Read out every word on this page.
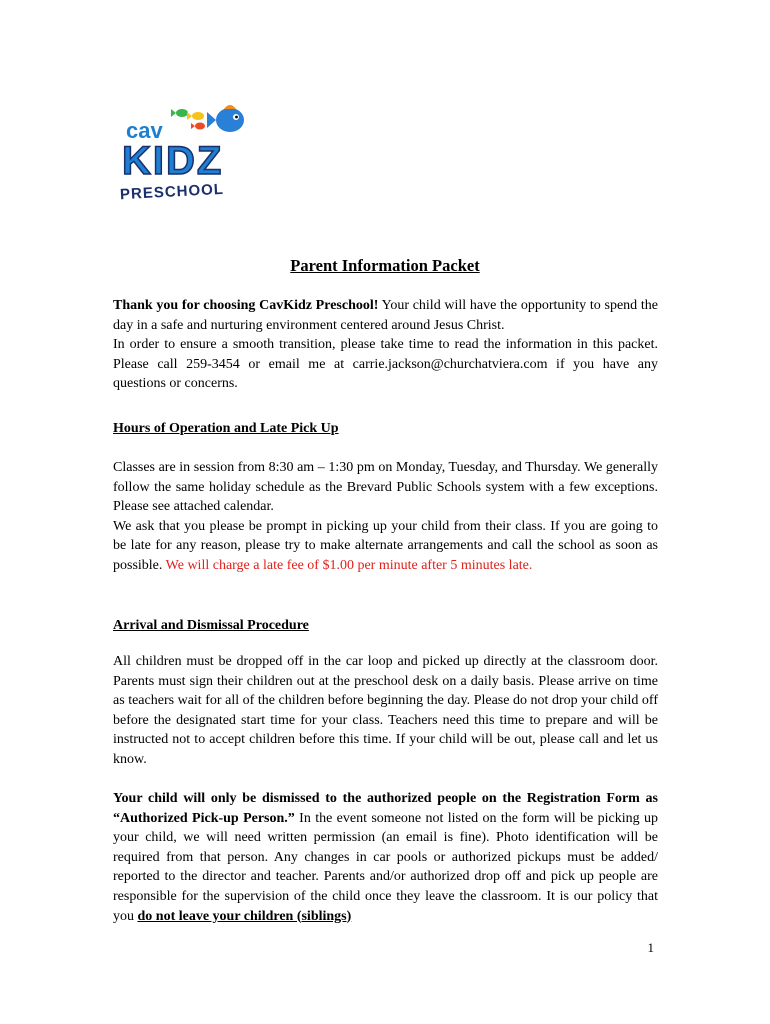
cav
KIDZ
PRESCHOOL
Parent Information Packet

Thank you for choosing CavKidz Preschool! Your child will have the opportunity to spend the day in a safe and nurturing environment centered around Jesus Christ.

In order to ensure a smooth transition, please take time to read the information in this packet. Please call 259-3454 or email me at carrie.jackson@churchatviera.com if you have any questions or concerns.

Hours of Operation and Late Pick Up

Classes are in session from 8:30 am – 1:30 pm on Monday, Tuesday, and Thursday. We generally follow the same holiday schedule as the Brevard Public Schools system with a few exceptions. Please see attached calendar.

We ask that you please be prompt in picking up your child from their class. If you are going to be late for any reason, please try to make alternate arrangements and call the school as soon as possible. We will charge a late fee of $1.00 per minute after 5 minutes late.

Arrival and Dismissal Procedure

All children must be dropped off in the car loop and picked up directly at the classroom door. Parents must sign their children out at the preschool desk on a daily basis. Please arrive on time as teachers wait for all of the children before beginning the day. Please do not drop your child off before the designated start time for your class. Teachers need this time to prepare and will be instructed not to accept children before this time. If your child will be out, please call and let us know.

Your child will only be dismissed to the authorized people on the Registration Form as “Authorized Pick-up Person.” In the event someone not listed on the form will be picking up your child, we will need written permission (an email is fine). Photo identification will be required from that person. Any changes in car pools or authorized pickups must be added/ reported to the director and teacher. Parents and/or authorized drop off and pick up people are responsible for the supervision of the child once they leave the classroom. It is our policy that you do not leave your children (siblings)

1
